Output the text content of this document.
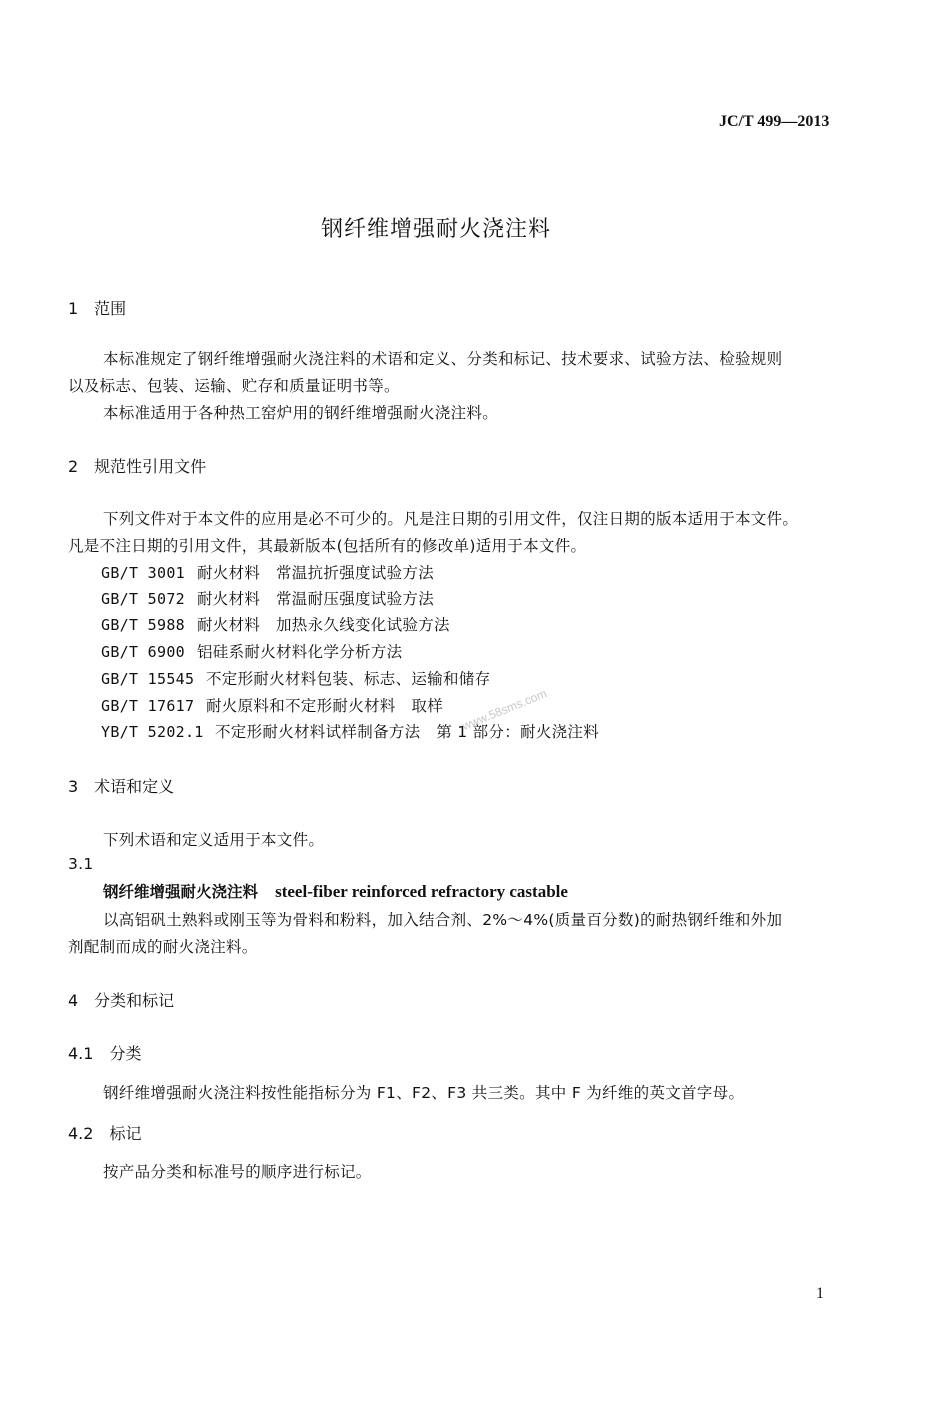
JC/T 499—2013
钢纤维增强耐火浇注料
1　范围
本标准规定了钢纤维增强耐火浇注料的术语和定义、分类和标记、技术要求、试验方法、检验规则
以及标志、包装、运输、贮存和质量证明书等。
本标准适用于各种热工窑炉用的钢纤维增强耐火浇注料。
2　规范性引用文件
下列文件对于本文件的应用是必不可少的。凡是注日期的引用文件，仅注日期的版本适用于本文件。
凡是不注日期的引用文件，其最新版本(包括所有的修改单)适用于本文件。
GB/T 3001 耐火材料　常温抗折强度试验方法
GB/T 5072 耐火材料　常温耐压强度试验方法
GB/T 5988 耐火材料　加热永久线变化试验方法
GB/T 6900 铝硅系耐火材料化学分析方法
GB/T 15545 不定形耐火材料包装、标志、运输和储存
GB/T 17617 耐火原料和不定形耐火材料　取样
YB/T 5202.1 不定形耐火材料试样制备方法　第 1 部分：耐火浇注料
www.58sms.com
3　术语和定义
下列术语和定义适用于本文件。
3.1
钢纤维增强耐火浇注料 steel-fiber reinforced refractory castable
以高铝矾土熟料或刚玉等为骨料和粉料，加入结合剂、2%～4%(质量百分数)的耐热钢纤维和外加
剂配制而成的耐火浇注料。
4　分类和标记
4.1　分类
钢纤维增强耐火浇注料按性能指标分为 F1、F2、F3 共三类。其中 F 为纤维的英文首字母。
4.2　标记
按产品分类和标准号的顺序进行标记。
1
